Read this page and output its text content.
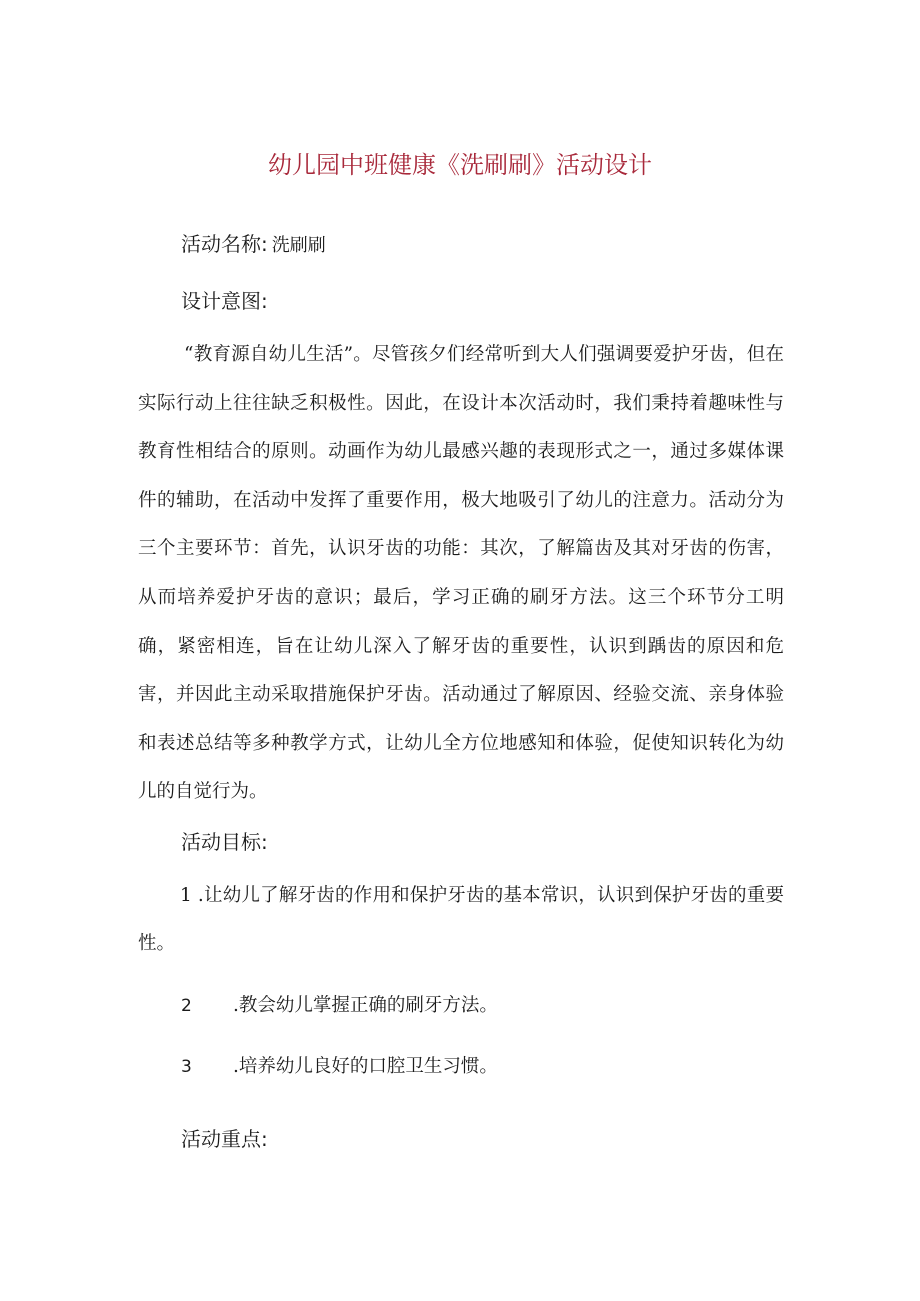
幼儿园中班健康《洗刷刷》活动设计
活动名称: 洗刷刷
设计意图:

“教育源自幼儿生活”。尽管孩夕们经常听到大人们强调要爱护牙齿，但在实际行动上往往缺乏积极性。因此，在设计本次活动时，我们秉持着趣味性与教育性相结合的原则。动画作为幼儿最感兴趣的表现形式之一，通过多媒体课件的辅助，在活动中发挥了重要作用，极大地吸引了幼儿的注意力。活动分为三个主要环节：首先，认识牙齿的功能：其次，了解篇齿及其对牙齿的伤害，从而培养爱护牙齿的意识；最后，学习正确的刷牙方法。这三个环节分工明确，紧密相连，旨在让幼儿深入了解牙齿的重要性，认识到踽齿的原因和危害，并因此主动采取措施保护牙齿。活动通过了解原因、经验交流、亲身体验和表述总结等多种教学方式，让幼儿全方位地感知和体验，促使知识转化为幼儿的自觉行为。

活动目标:

1 .让幼儿了解牙齿的作用和保护牙齿的基本常识，认识到保护牙齿的重要性。

2 .教会幼儿掌握正确的刷牙方法。
3 .培养幼儿良好的口腔卫生习惯。
活动重点:
